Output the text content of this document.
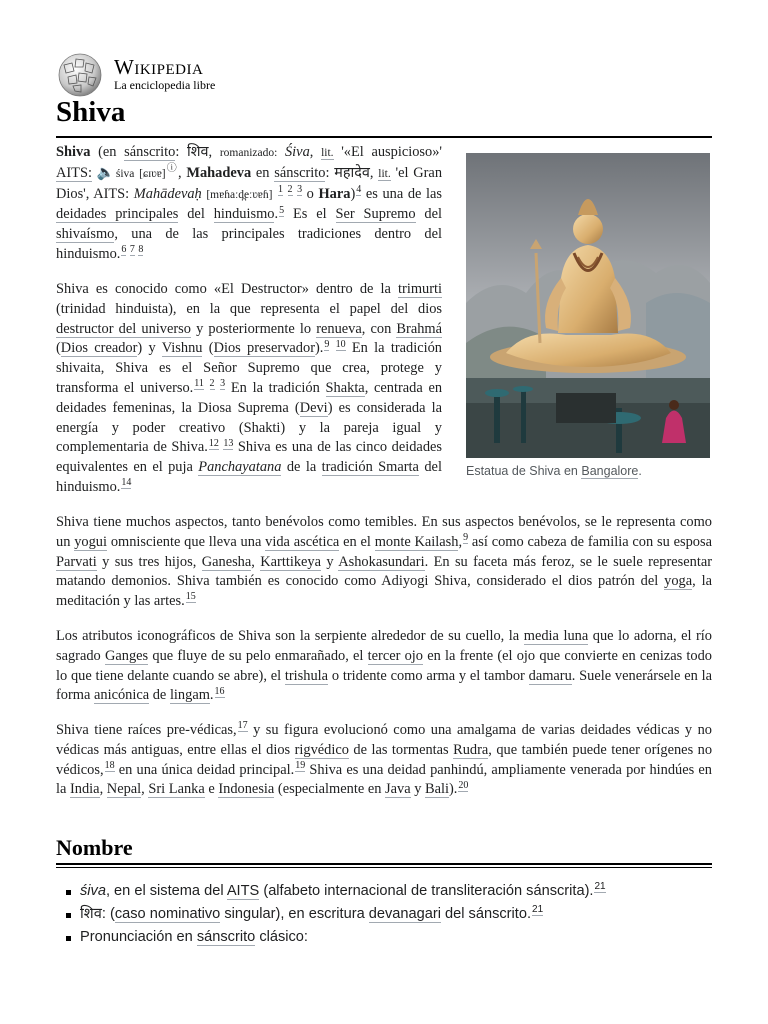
Wikipedia
La enciclopedia libre
Shiva

Shiva (en sánscrito: शिव, romanizado: Śiva, lit. '«El auspicioso»' AITS: 🔈śiva [ɕɪʋɐ]ⓘ, Mahadeva en sánscrito: महादेव, lit. 'el Gran Dios', AITS: Mahādevaḥ [mɐɦaːd̪eːʋɐɦ] $^{1 2 3}$ o Hara)$^4$ es una de las deidades principales del hinduismo.$^5$ Es el Ser Supremo del shivaísmo, una de las principales tradiciones dentro del hinduismo.$^{6 7 8}$

Shiva es conocido como «El Destructor» dentro de la trimurti (trinidad hinduista), en la que representa el papel del dios destructor del universo y posteriormente lo renueva, con Brahmá (Dios creador) y Vishnu (Dios preservador).$^{9 10}$ En la tradición shivaita, Shiva es el Señor Supremo que crea, protege y transforma el universo.$^{11 2 3}$ En la tradición Shakta, centrada en deidades femeninas, la Diosa Suprema (Devi) es considerada la energía y poder creativo (Shakti) y la pareja igual y complementaria de Shiva.$^{12 13}$ Shiva es una de las cinco deidades equivalentes en el puja Panchayatana de la tradición Smarta del hinduismo.$^{14}$

Estatua de Shiva en Bangalore.

Shiva tiene muchos aspectos, tanto benévolos como temibles. En sus aspectos benévolos, se le representa como un yogui omnisciente que lleva una vida ascética en el monte Kailash,$^9$ así como cabeza de familia con su esposa Parvati y sus tres hijos, Ganesha, Karttikeya y Ashokasundari. En su faceta más feroz, se le suele representar matando demonios. Shiva también es conocido como Adiyogi Shiva, considerado el dios patrón del yoga, la meditación y las artes.$^{15}$

Los atributos iconográficos de Shiva son la serpiente alrededor de su cuello, la media luna que lo adorna, el río sagrado Ganges que fluye de su pelo enmarañado, el tercer ojo en la frente (el ojo que convierte en cenizas todo lo que tiene delante cuando se abre), el trishula o tridente como arma y el tambor damaru. Suele venerársele en la forma anicónica de lingam.$^{16}$

Shiva tiene raíces pre-védicas,$^{17}$ y su figura evolucionó como una amalgama de varias deidades védicas y no védicas más antiguas, entre ellas el dios rigvédico de las tormentas Rudra, que también puede tener orígenes no védicos,$^{18}$ en una única deidad principal.$^{19}$ Shiva es una deidad panhindú, ampliamente venerada por hindúes en la India, Nepal, Sri Lanka e Indonesia (especialmente en Java y Bali).$^{20}$

Nombre
śiva, en el sistema del AITS (alfabeto internacional de transliteración sánscrita).$^{21}$
शिव: (caso nominativo singular), en escritura devanagari del sánscrito.$^{21}$
Pronunciación en sánscrito clásico:
